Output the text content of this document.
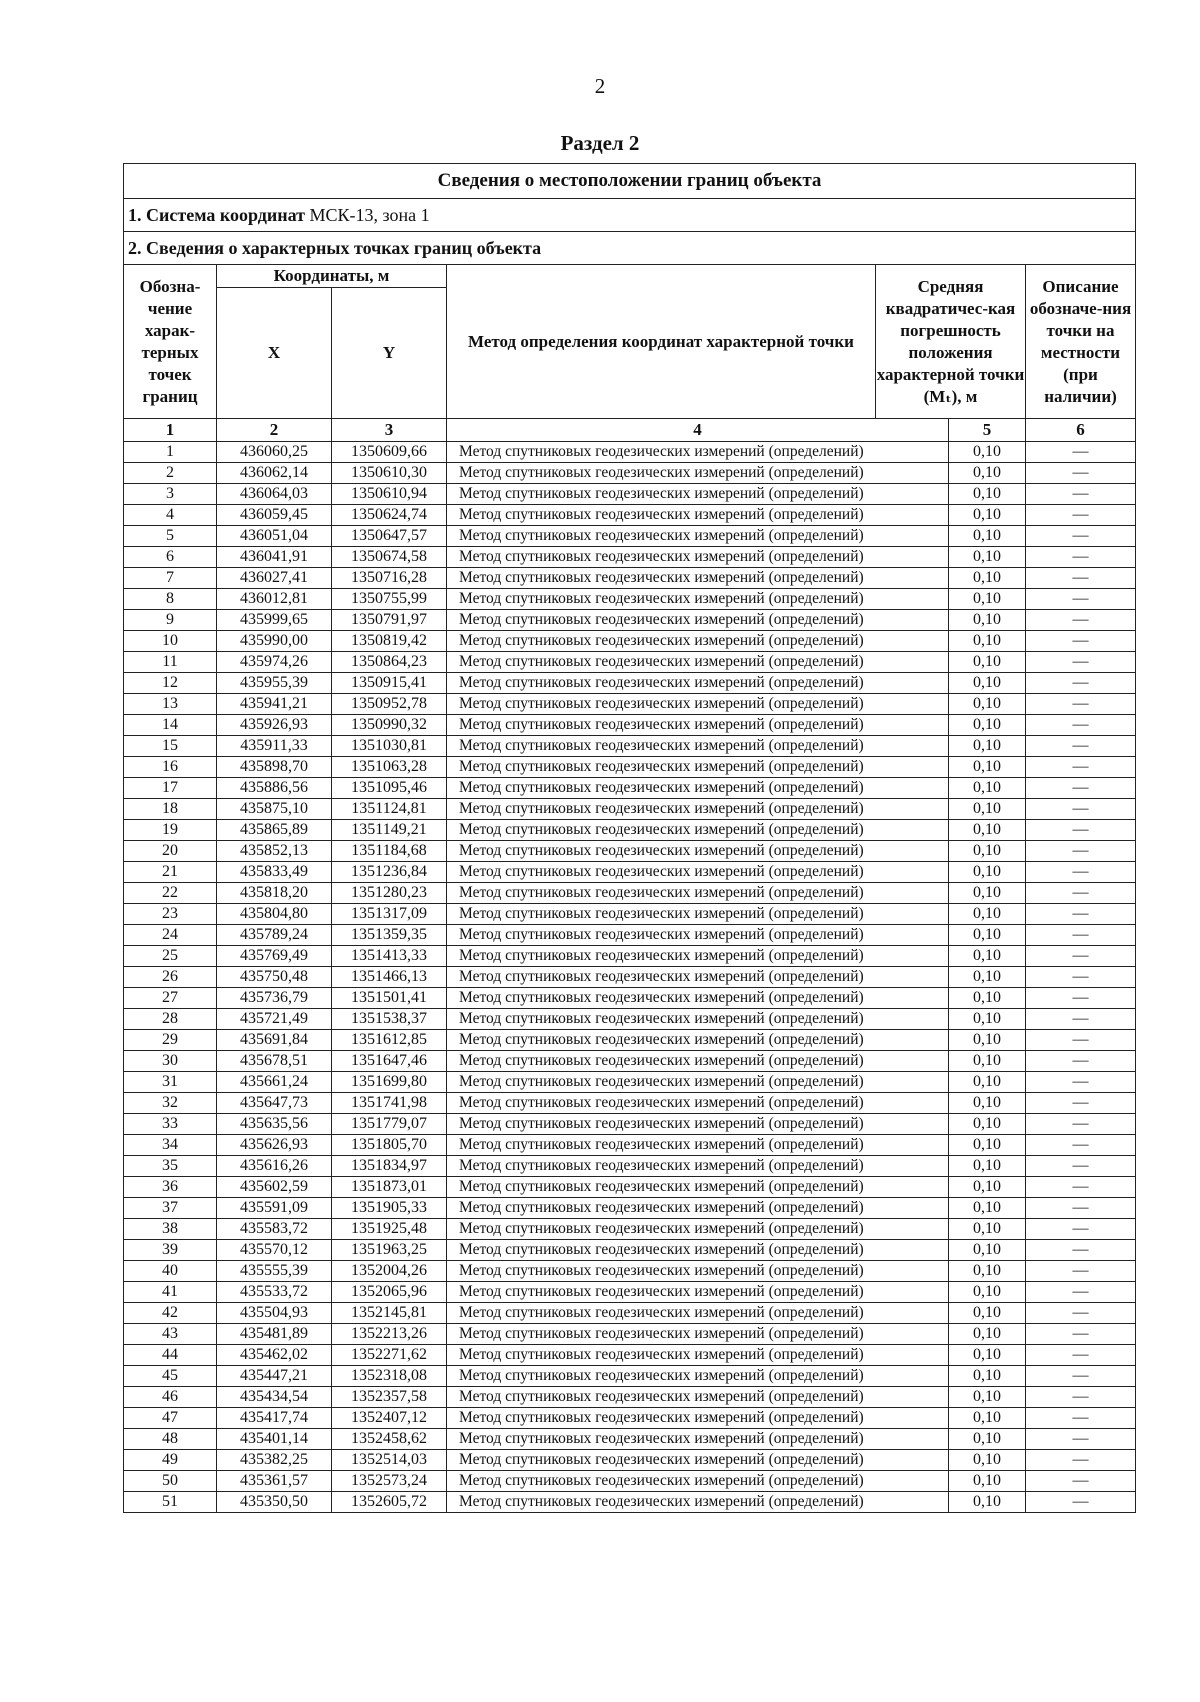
2
Раздел 2
Сведения о местоположении границ объекта						
1. Система координат МСК-13, зона 1						
2. Сведения о характерных точках границ объекта						
Обозна-чение харак-терных точек границ	Координаты, м		Метод определения координат характерной точки	Средняя квадратичес-кая погрешность положения характерной точки (Mₜ), м		Описание обозначе-ния точки на местности (при наличии)
	X	Y				
1	2	3	4		5	6
1	436060,25	1350609,66	Метод спутниковых геодезических измерений (определений)		0,10	—
2	436062,14	1350610,30	Метод спутниковых геодезических измерений (определений)		0,10	—
3	436064,03	1350610,94	Метод спутниковых геодезических измерений (определений)		0,10	—
4	436059,45	1350624,74	Метод спутниковых геодезических измерений (определений)		0,10	—
5	436051,04	1350647,57	Метод спутниковых геодезических измерений (определений)		0,10	—
6	436041,91	1350674,58	Метод спутниковых геодезических измерений (определений)		0,10	—
7	436027,41	1350716,28	Метод спутниковых геодезических измерений (определений)		0,10	—
8	436012,81	1350755,99	Метод спутниковых геодезических измерений (определений)		0,10	—
9	435999,65	1350791,97	Метод спутниковых геодезических измерений (определений)		0,10	—
10	435990,00	1350819,42	Метод спутниковых геодезических измерений (определений)		0,10	—
11	435974,26	1350864,23	Метод спутниковых геодезических измерений (определений)		0,10	—
12	435955,39	1350915,41	Метод спутниковых геодезических измерений (определений)		0,10	—
13	435941,21	1350952,78	Метод спутниковых геодезических измерений (определений)		0,10	—
14	435926,93	1350990,32	Метод спутниковых геодезических измерений (определений)		0,10	—
15	435911,33	1351030,81	Метод спутниковых геодезических измерений (определений)		0,10	—
16	435898,70	1351063,28	Метод спутниковых геодезических измерений (определений)		0,10	—
17	435886,56	1351095,46	Метод спутниковых геодезических измерений (определений)		0,10	—
18	435875,10	1351124,81	Метод спутниковых геодезических измерений (определений)		0,10	—
19	435865,89	1351149,21	Метод спутниковых геодезических измерений (определений)		0,10	—
20	435852,13	1351184,68	Метод спутниковых геодезических измерений (определений)		0,10	—
21	435833,49	1351236,84	Метод спутниковых геодезических измерений (определений)		0,10	—
22	435818,20	1351280,23	Метод спутниковых геодезических измерений (определений)		0,10	—
23	435804,80	1351317,09	Метод спутниковых геодезических измерений (определений)		0,10	—
24	435789,24	1351359,35	Метод спутниковых геодезических измерений (определений)		0,10	—
25	435769,49	1351413,33	Метод спутниковых геодезических измерений (определений)		0,10	—
26	435750,48	1351466,13	Метод спутниковых геодезических измерений (определений)		0,10	—
27	435736,79	1351501,41	Метод спутниковых геодезических измерений (определений)		0,10	—
28	435721,49	1351538,37	Метод спутниковых геодезических измерений (определений)		0,10	—
29	435691,84	1351612,85	Метод спутниковых геодезических измерений (определений)		0,10	—
30	435678,51	1351647,46	Метод спутниковых геодезических измерений (определений)		0,10	—
31	435661,24	1351699,80	Метод спутниковых геодезических измерений (определений)		0,10	—
32	435647,73	1351741,98	Метод спутниковых геодезических измерений (определений)		0,10	—
33	435635,56	1351779,07	Метод спутниковых геодезических измерений (определений)		0,10	—
34	435626,93	1351805,70	Метод спутниковых геодезических измерений (определений)		0,10	—
35	435616,26	1351834,97	Метод спутниковых геодезических измерений (определений)		0,10	—
36	435602,59	1351873,01	Метод спутниковых геодезических измерений (определений)		0,10	—
37	435591,09	1351905,33	Метод спутниковых геодезических измерений (определений)		0,10	—
38	435583,72	1351925,48	Метод спутниковых геодезических измерений (определений)		0,10	—
39	435570,12	1351963,25	Метод спутниковых геодезических измерений (определений)		0,10	—
40	435555,39	1352004,26	Метод спутниковых геодезических измерений (определений)		0,10	—
41	435533,72	1352065,96	Метод спутниковых геодезических измерений (определений)		0,10	—
42	435504,93	1352145,81	Метод спутниковых геодезических измерений (определений)		0,10	—
43	435481,89	1352213,26	Метод спутниковых геодезических измерений (определений)		0,10	—
44	435462,02	1352271,62	Метод спутниковых геодезических измерений (определений)		0,10	—
45	435447,21	1352318,08	Метод спутниковых геодезических измерений (определений)		0,10	—
46	435434,54	1352357,58	Метод спутниковых геодезических измерений (определений)		0,10	—
47	435417,74	1352407,12	Метод спутниковых геодезических измерений (определений)		0,10	—
48	435401,14	1352458,62	Метод спутниковых геодезических измерений (определений)		0,10	—
49	435382,25	1352514,03	Метод спутниковых геодезических измерений (определений)		0,10	—
50	435361,57	1352573,24	Метод спутниковых геодезических измерений (определений)		0,10	—
51	435350,50	1352605,72	Метод спутниковых геодезических измерений (определений)		0,10	—
